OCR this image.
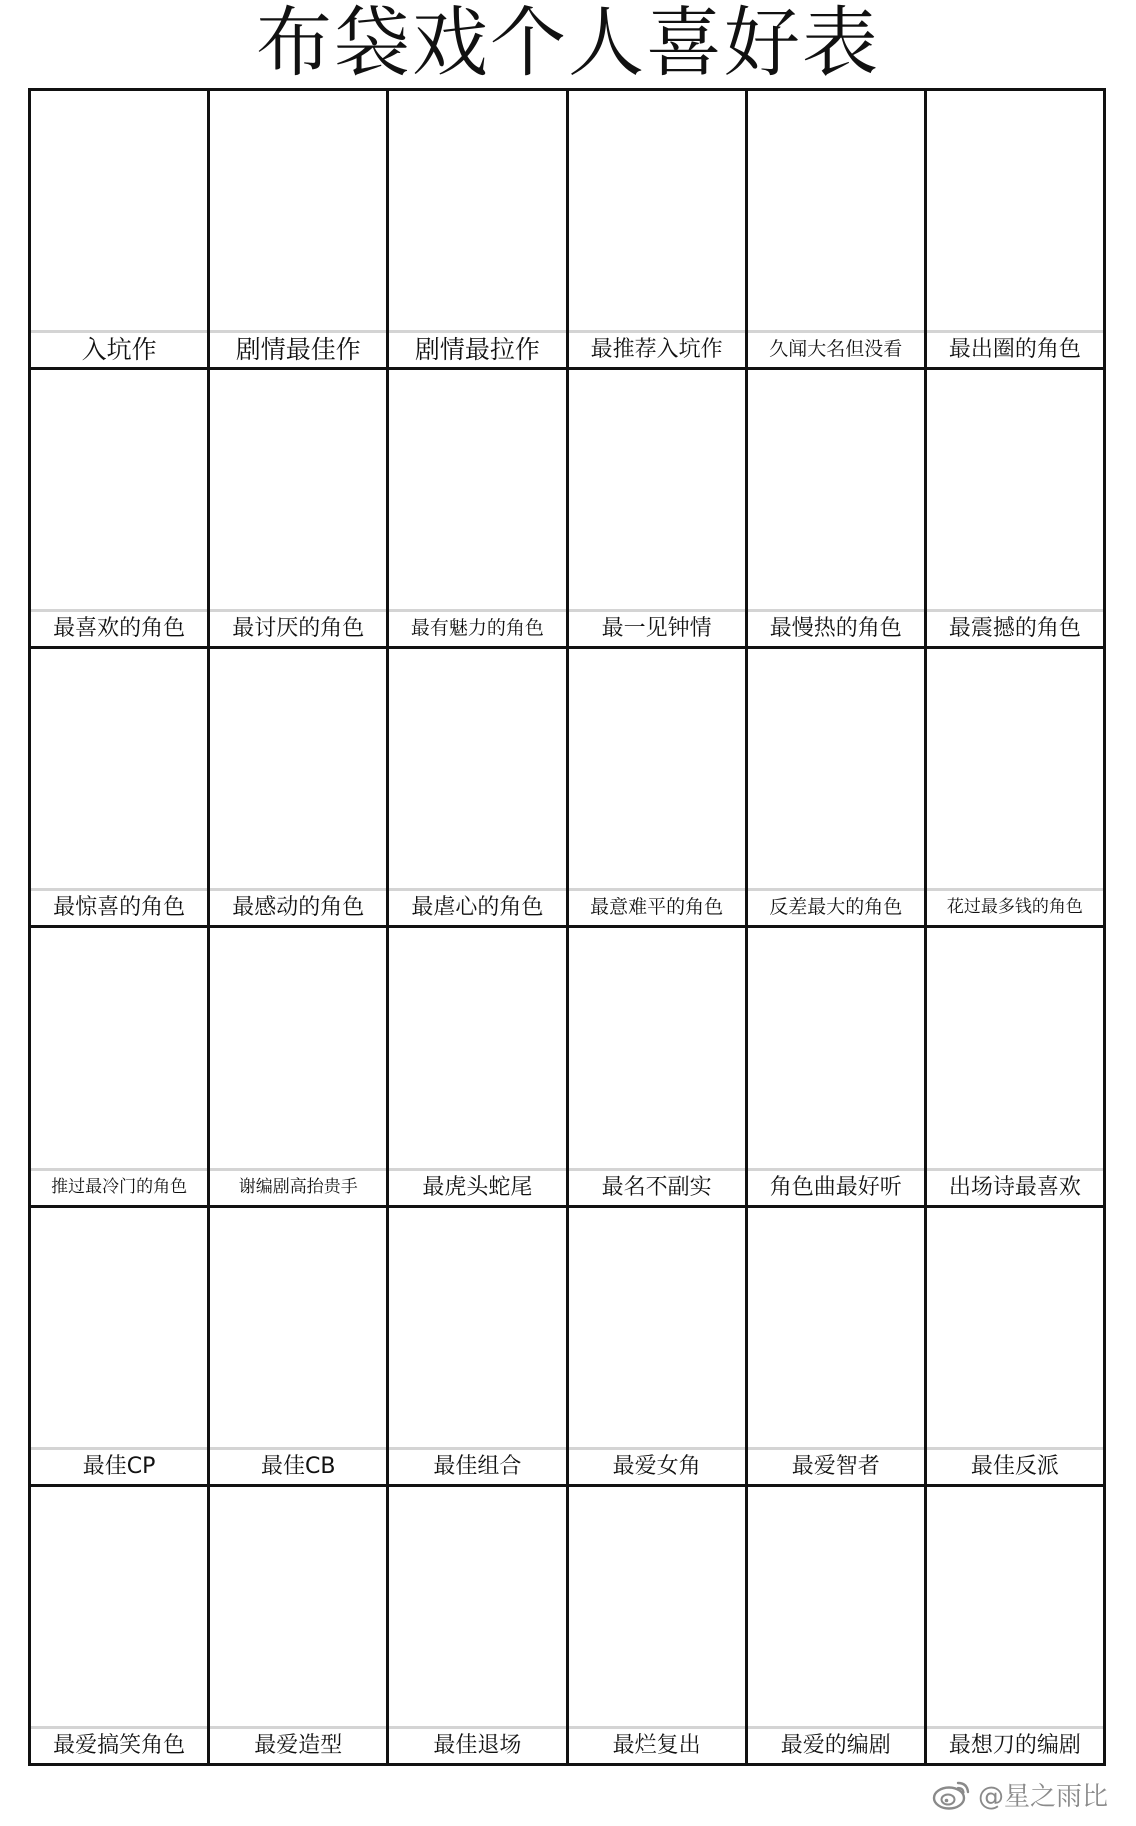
布袋戏个人喜好表
入坑作	剧情最佳作	剧情最拉作	最推荐入坑作	久闻大名但没看	最出圈的角色
最喜欢的角色	最讨厌的角色	最有魅力的角色	最一见钟情	最慢热的角色	最震撼的角色
最惊喜的角色	最感动的角色	最虐心的角色	最意难平的角色	反差最大的角色	花过最多钱的角色
推过最冷门的角色	谢编剧高抬贵手	最虎头蛇尾	最名不副实	角色曲最好听	出场诗最喜欢
最佳CP	最佳CB	最佳组合	最爱女角	最爱智者	最佳反派
最爱搞笑角色	最爱造型	最佳退场	最烂复出	最爱的编剧	最想刀的编剧
@星之雨比
